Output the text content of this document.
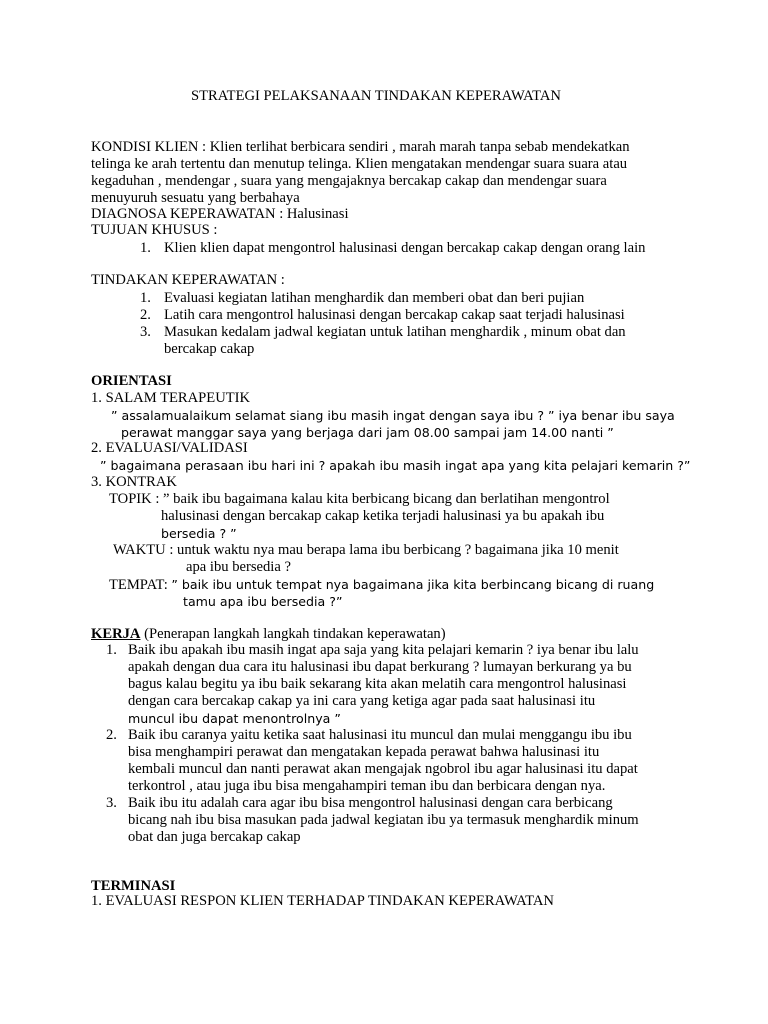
STRATEGI PELAKSANAAN TINDAKAN KEPERAWATAN
KONDISI KLIEN : Klien terlihat berbicara sendiri , marah marah tanpa sebab mendekatkan
telinga ke arah tertentu dan menutup telinga. Klien mengatakan mendengar suara suara atau
kegaduhan , mendengar , suara yang mengajaknya bercakap cakap dan mendengar suara
menuyuruh sesuatu yang berbahaya
DIAGNOSA KEPERAWATAN : Halusinasi
TUJUAN KHUSUS :
1. Klien klien dapat mengontrol halusinasi dengan bercakap cakap dengan orang lain
TINDAKAN KEPERAWATAN :
1. Evaluasi kegiatan latihan menghardik dan memberi obat dan beri pujian
2. Latih cara mengontrol halusinasi dengan bercakap cakap saat terjadi halusinasi
3. Masukan kedalam jadwal kegiatan untuk latihan menghardik , minum obat dan
bercakap cakap
ORIENTASI
1. SALAM TERAPEUTIK
” assalamualaikum selamat siang ibu masih ingat dengan saya ibu ? ” iya benar ibu saya
perawat manggar saya yang berjaga dari jam 08.00 sampai jam 14.00 nanti ”
2. EVALUASI/VALIDASI
” bagaimana perasaan ibu hari ini ? apakah ibu masih ingat apa yang kita pelajari kemarin ?”
3. KONTRAK
TOPIK : ” baik ibu bagaimana kalau kita berbicang bicang dan berlatihan mengontrol
halusinasi dengan bercakap cakap ketika terjadi halusinasi ya bu apakah ibu
bersedia ? ”
WAKTU : untuk waktu nya mau berapa lama ibu berbicang ? bagaimana jika 10 menit
apa ibu bersedia ?
TEMPAT: ” baik ibu untuk tempat nya bagaimana jika kita berbincang bicang di ruang
tamu apa ibu bersedia ?”
KERJA (Penerapan langkah langkah tindakan keperawatan)
1. Baik ibu apakah ibu masih ingat apa saja yang kita pelajari kemarin ? iya benar ibu lalu
apakah dengan dua cara itu halusinasi ibu dapat berkurang ? lumayan berkurang ya bu
bagus kalau begitu ya ibu baik sekarang kita akan melatih cara mengontrol halusinasi
dengan cara bercakap cakap ya ini cara yang ketiga agar pada saat halusinasi itu
muncul ibu dapat menontrolnya ”
2. Baik ibu caranya yaitu ketika saat halusinasi itu muncul dan mulai menggangu ibu ibu
bisa menghampiri perawat dan mengatakan kepada perawat bahwa halusinasi itu
kembali muncul dan nanti perawat akan mengajak ngobrol ibu agar halusinasi itu dapat
terkontrol , atau juga ibu bisa mengahampiri teman ibu dan berbicara dengan nya.
3. Baik ibu itu adalah cara agar ibu bisa mengontrol halusinasi dengan cara berbicang
bicang nah ibu bisa masukan pada jadwal kegiatan ibu ya termasuk menghardik minum
obat dan juga bercakap cakap
TERMINASI
1. EVALUASI RESPON KLIEN TERHADAP TINDAKAN KEPERAWATAN
